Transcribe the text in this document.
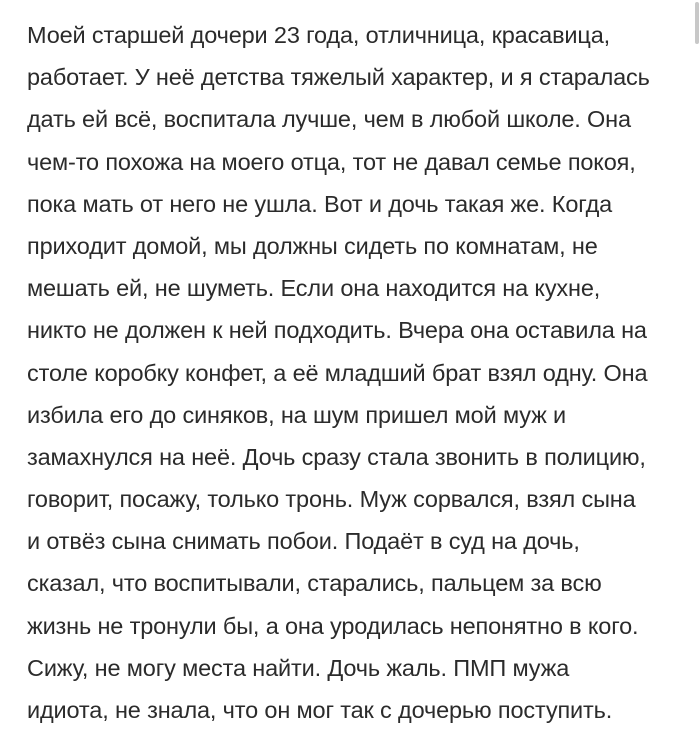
Моей старшей дочери 23 года, отличница, красавица,
работает. У неё детства тяжелый характер, и я старалась
дать ей всё, воспитала лучше, чем в любой школе. Она
чем-то похожа на моего отца, тот не давал семье покоя,
пока мать от него не ушла. Вот и дочь такая же. Когда
приходит домой, мы должны сидеть по комнатам, не
мешать ей, не шуметь. Если она находится на кухне,
никто не должен к ней подходить. Вчера она оставила на
столе коробку конфет, а её младший брат взял одну. Она
избила его до синяков, на шум пришел мой муж и
замахнулся на неё. Дочь сразу стала звонить в полицию,
говорит, посажу, только тронь. Муж сорвался, взял сына
и отвёз сына снимать побои. Подаёт в суд на дочь,
сказал, что воспитывали, старались, пальцем за всю
жизнь не тронули бы, а она уродилась непонятно в кого.
Сижу, не могу места найти. Дочь жаль. ПМП мужа
идиота, не знала, что он мог так с дочерью поступить.
